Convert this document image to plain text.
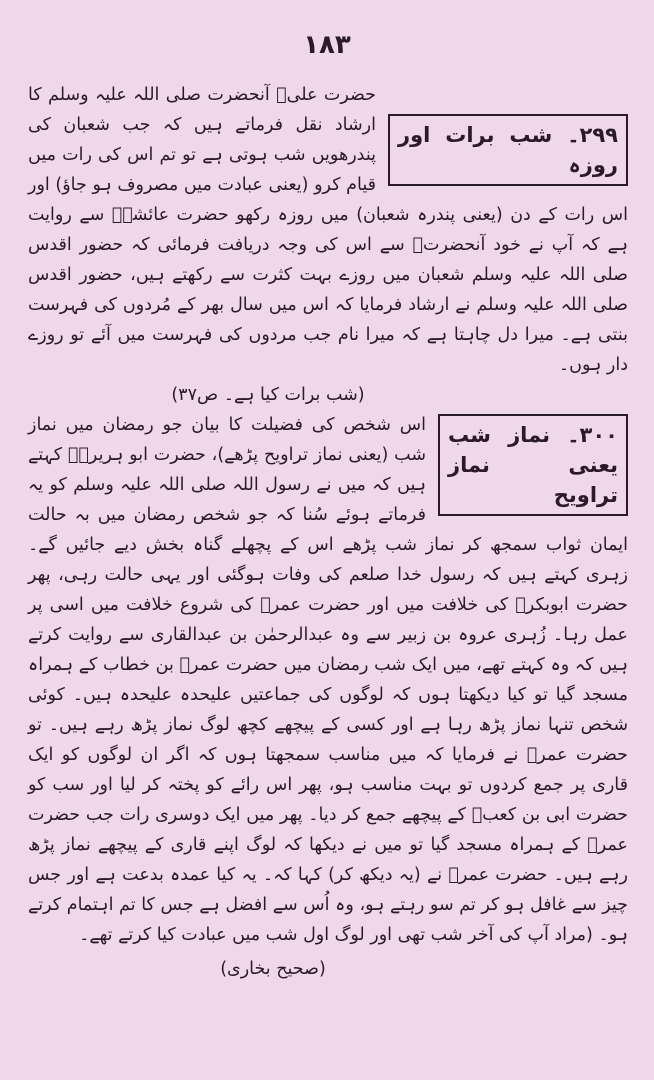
۱۸۳
۲۹۹۔ شب برات اور روزہ

حضرت علیؓ آنحضرت صلی اللہ علیہ وسلم کا ارشاد نقل فرماتے ہیں کہ جب شعبان کی پندرھویں شب ہوتی ہے تو تم اس کی رات میں قیام کرو (یعنی عبادت میں مصروف ہو جاؤ) اور اس رات کے دن (یعنی پندرہ شعبان) میں روزہ رکھو حضرت عائشہؓ سے روایت ہے کہ آپ نے خود آنحضرتؐ سے اس کی وجہ دریافت فرمائی کہ حضور اقدس صلی اللہ علیہ وسلم شعبان میں روزے بہت کثرت سے رکھتے ہیں، حضور اقدس صلی اللہ علیہ وسلم نے ارشاد فرمایا کہ اس میں سال بھر کے مُردوں کی فہرست بنتی ہے۔ میرا دل چاہتا ہے کہ میرا نام جب مردوں کی فہرست میں آئے تو روزے دار ہوں۔

(شب برات کیا ہے۔ ص۳۷)
۳۰۰۔ نماز شب یعنی نماز تراویح

اس شخص کی فضیلت کا بیان جو رمضان میں نماز شب (یعنی نماز تراویح پڑھے)، حضرت ابو ہریرہؓ کہتے ہیں کہ میں نے رسول اللہ صلی اللہ علیہ وسلم کو یہ فرماتے ہوئے سُنا کہ جو شخص رمضان میں بہ حالت ایمان ثواب سمجھ کر نماز شب پڑھے اس کے پچھلے گناہ بخش دیے جائیں گے۔ زہری کہتے ہیں کہ رسول خدا صلعم کی وفات ہوگئی اور یہی حالت رہی، پھر حضرت ابوبکرؓ کی خلافت میں اور حضرت عمرؓ کی شروع خلافت میں اسی پر عمل رہا۔ زُہری عروہ بن زبیر سے وہ عبدالرحمٰن بن عبدالقاری سے روایت کرتے ہیں کہ وہ کہتے تھے، میں ایک شب رمضان میں حضرت عمرؓ بن خطاب کے ہمراہ مسجد گیا تو کیا دیکھتا ہوں کہ لوگوں کی جماعتیں علیحدہ علیحدہ ہیں۔ کوئی شخص تنہا نماز پڑھ رہا ہے اور کسی کے پیچھے کچھ لوگ نماز پڑھ رہے ہیں۔ تو حضرت عمرؓ نے فرمایا کہ میں مناسب سمجھتا ہوں کہ اگر ان لوگوں کو ایک قاری پر جمع کردوں تو بہت مناسب ہو، پھر اس رائے کو پختہ کر لیا اور سب کو حضرت ابی بن کعبؓ کے پیچھے جمع کر دیا۔ پھر میں ایک دوسری رات جب حضرت عمرؓ کے ہمراہ مسجد گیا تو میں نے دیکھا کہ لوگ اپنے قاری کے پیچھے نماز پڑھ رہے ہیں۔ حضرت عمرؓ نے (یہ دیکھ کر) کہا کہ۔ یہ کیا عمدہ بدعت ہے اور جس چیز سے غافل ہو کر تم سو رہتے ہو، وہ اُس سے افضل ہے جس کا تم اہتمام کرتے ہو۔ (مراد آپ کی آخر شب تھی اور لوگ اول شب میں عبادت کیا کرتے تھے۔

(صحیح بخاری)
